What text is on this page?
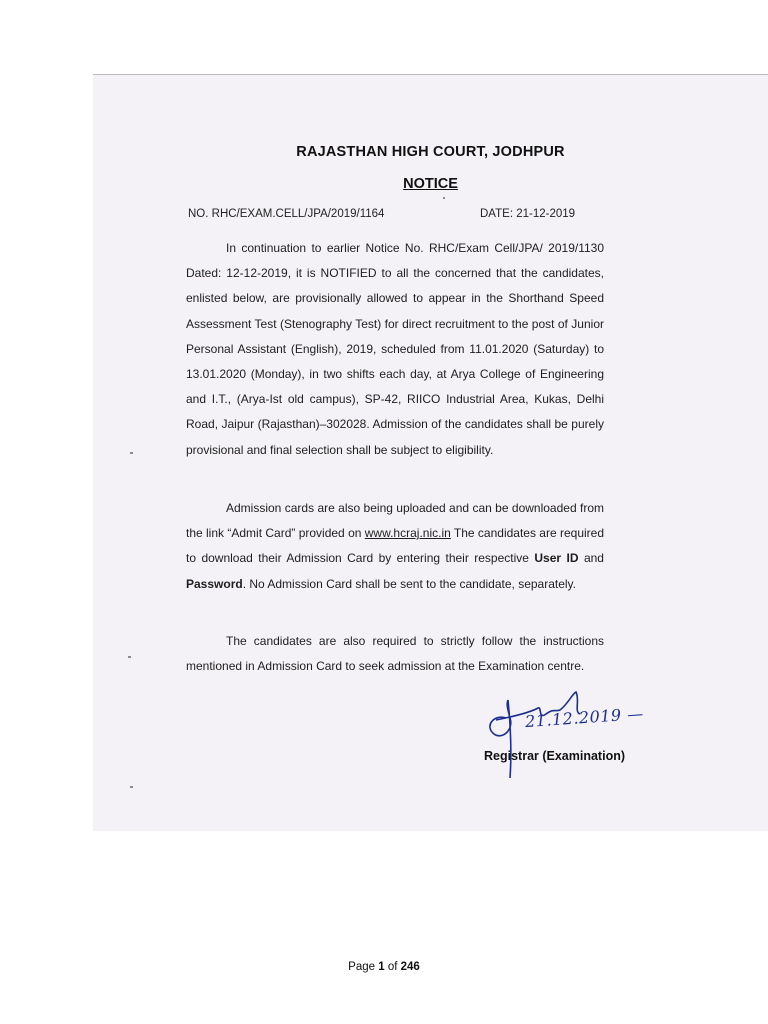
RAJASTHAN HIGH COURT, JODHPUR
NOTICE
NO. RHC/EXAM.CELL/JPA/2019/1164	DATE: 21-12-2019

In continuation to earlier Notice No. RHC/Exam Cell/JPA/ 2019/1130 Dated: 12-12-2019, it is NOTIFIED to all the concerned that the candidates, enlisted below, are provisionally allowed to appear in the Shorthand Speed Assessment Test (Stenography Test) for direct recruitment to the post of Junior Personal Assistant (English), 2019, scheduled from 11.01.2020 (Saturday) to 13.01.2020 (Monday), in two shifts each day, at Arya College of Engineering and I.T., (Arya-Ist old campus), SP-42, RIICO Industrial Area, Kukas, Delhi Road, Jaipur (Rajasthan)–302028. Admission of the candidates shall be purely provisional and final selection shall be subject to eligibility.

Admission cards are also being uploaded and can be downloaded from the link “Admit Card” provided on www.hcraj.nic.in The candidates are required to download their Admission Card by entering their respective User ID and Password. No Admission Card shall be sent to the candidate, separately.

The candidates are also required to strictly follow the instructions mentioned in Admission Card to seek admission at the Examination centre.

21.12.2019 —
Registrar (Examination)
Page 1 of 246
